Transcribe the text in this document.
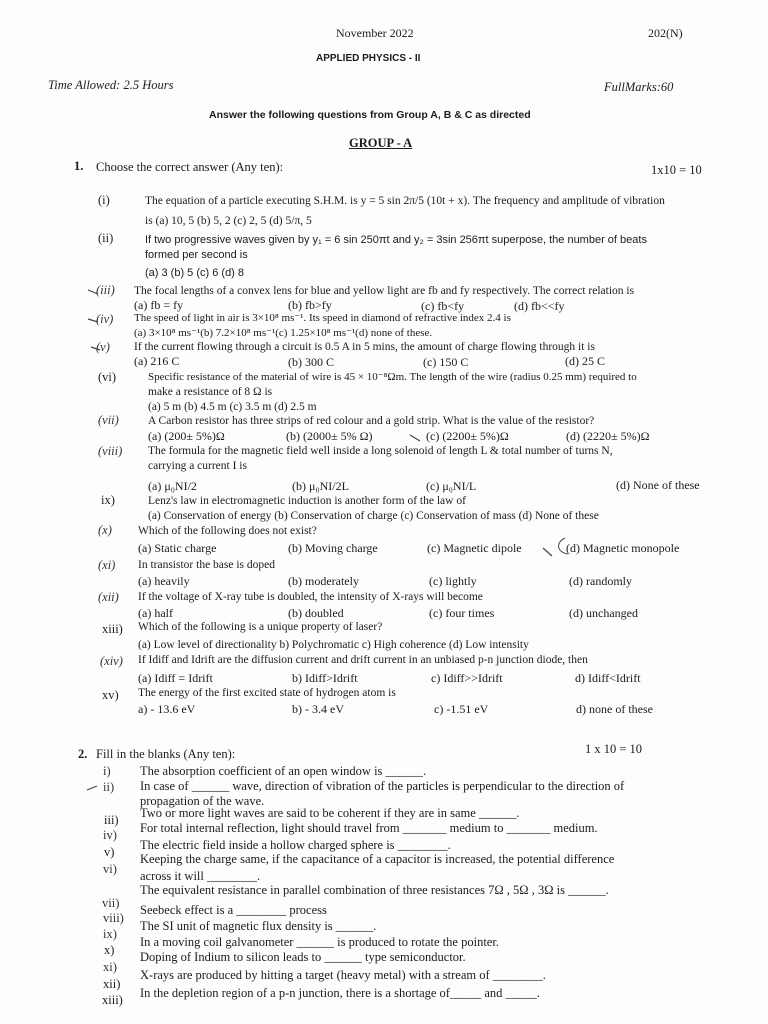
November 2022	202(N)
APPLIED PHYSICS - II
Time Allowed: 2.5 Hours	FullMarks:60
Answer the following questions from Group A, B & C as directed
GROUP - A
1. Choose the correct answer (Any ten):	1x10 = 10
(i)	The equation of a particle executing S.H.M. is y = 5 sin 2π/5 (10t + x). The frequency and amplitude of vibration
is (a) 10, 5 (b) 5, 2 (c) 2, 5 (d) 5/π, 5
(ii)	If two progressive waves given by y₁ = 6 sin 250πt and y₂ = 3sin 256πt superpose, the number of beats
formed per second is
(a) 3 (b) 5 (c) 6 (d) 8
(iii) The focal lengths of a convex lens for blue and yellow light are fb and fy respectively. The correct relation is
(a) fb = fy	(b) fb>fy	(c) fb<fy	(d) fb<<fy
(iv) The speed of light in air is 3×10⁸ ms⁻¹. Its speed in diamond of refractive index 2.4 is
(a) 3×10⁸ ms⁻¹(b) 7.2×10⁸ ms⁻¹(c) 1.25×10⁸ ms⁻¹(d) none of these.
(v) If the current flowing through a circuit is 0.5 A in 5 mins, the amount of charge flowing through it is
(a) 216 C	(b) 300 C	(c) 150 C	(d) 25 C
(vi)	Specific resistance of the material of wire is 45 × 10⁻⁸Ωm. The length of the wire (radius 0.25 mm) required to
make a resistance of 8 Ω is
(a) 5 m (b) 4.5 m (c) 3.5 m (d) 2.5 m
(vii)	A Carbon resistor has three strips of red colour and a gold strip. What is the value of the resistor?
(a) (200± 5%)Ω	(b) (2000± 5% Ω)	(c) (2200± 5%)Ω	(d) (2220± 5%)Ω
(viii) The formula for the magnetic field well inside a long solenoid of length L & total number of turns N,
carrying a current I is
(a) μ₀NI/2	(b) μ₀NI/2L	(c) μ₀NI/L	(d) None of these
ix)	Lenz's law in electromagnetic induction is another form of the law of
(a) Conservation of energy (b) Conservation of charge (c) Conservation of mass (d) None of these
(x) Which of the following does not exist?
(a) Static charge	(b) Moving charge	(c) Magnetic dipole	(d) Magnetic monopole
(xi) In transistor the base is doped
(a) heavily	(b) moderately	(c) lightly	(d) randomly
(xii) If the voltage of X-ray tube is doubled, the intensity of X-rays will become
(a) half	(b) doubled	(c) four times	(d) unchanged
xiii) Which of the following is a unique property of laser?
(a) Low level of directionality b) Polychromatic c) High coherence (d) Low intensity
(xiv) If Idiff and Idrift are the diffusion current and drift current in an unbiased p-n junction diode, then
(a) Idiff = Idrift	b) Idiff>Idrift	c) Idiff>>Idrift	d) Idiff<Idrift
xv) The energy of the first excited state of hydrogen atom is
a) - 13.6 eV	b) - 3.4 eV	c) -1.51 eV	d) none of these
2. Fill in the blanks (Any ten):	1 x 10 = 10
i) The absorption coefficient of an open window is ______.
ii) In case of ______ wave, direction of vibration of the particles is perpendicular to the direction of
propagation of the wave.
iii) Two or more light waves are said to be coherent if they are in same ______.
iv) For total internal reflection, light should travel from _______ medium to _______ medium.
v) The electric field inside a hollow charged sphere is ________.
vi)
Keeping the charge same, if the capacitance of a capacitor is increased, the potential difference
across it will ________.
vii)
The equivalent resistance in parallel combination of three resistances 7Ω , 5Ω , 3Ω is ______.
viii)
Seebeck effect is a ________ process
ix)
The SI unit of magnetic flux density is ______.
x)
In a moving coil galvanometer ______ is produced to rotate the pointer.
xi)
Doping of Indium to silicon leads to ______ type semiconductor.
xii)
X-rays are produced by hitting a target (heavy metal) with a stream of ________.
xiii) In the depletion region of a p-n junction, there is a shortage of_____ and _____.
